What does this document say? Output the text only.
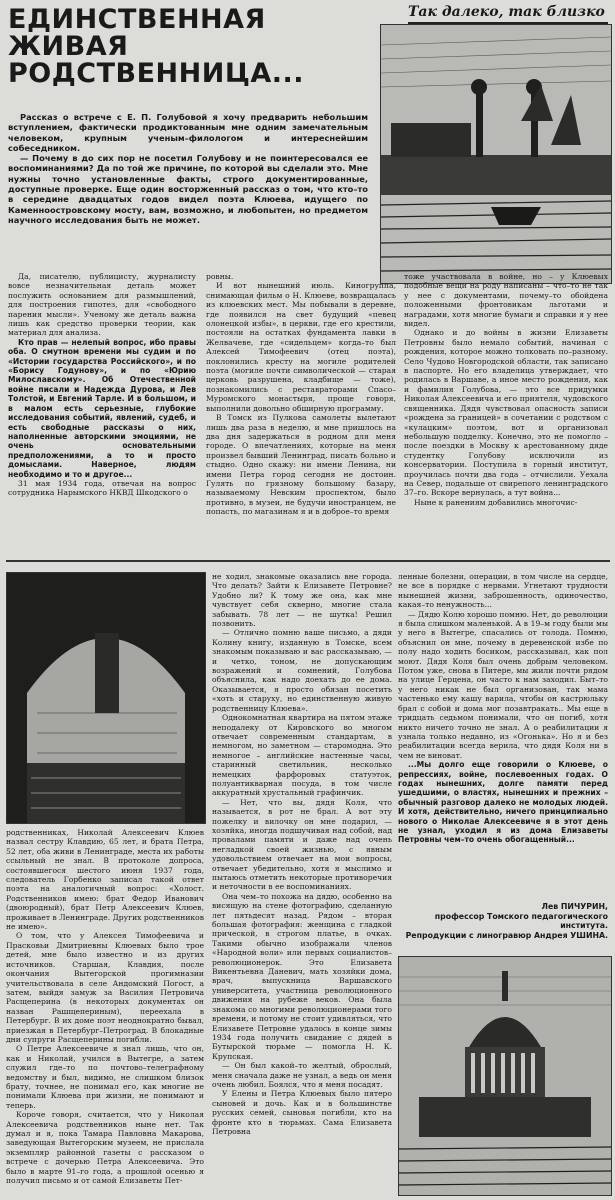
ЕДИНСТВЕННАЯ ЖИВАЯ РОДСТВЕННИЦА...
Так далеко, так близко

Рассказ о встрече с Е. П. Голубовой я хочу предварить небольшим вступлением, фактически продиктованным мне одним замечательным человеком, крупным ученым–филологом и интереснейшим собеседником.

— Почему в до сих пор не посетил Голубову и не поинтересовался ее воспоминаниями? Да по той же причине, по которой вы сделали это. Мне нужны точно установленные факты, строго документированные, доступные проверке. Еще один восторженный рассказ о том, что кто–то в середине двадцатых годов видел поэта Клюева, идущего по Каменноостровскому мосту, вам, возможно, и любопытен, но предметом научного исследования быть не может.

Да, писателю, публицисту, журналисту вовсе незначительная деталь может послужить основанием для размышлений, для построения гипотез, для «свободного парения мысли». Ученому же деталь важна лишь как средство проверки теории, как материал для анализа.

Кто прав — нелепый вопрос, ибо правы оба. О смутном времени мы судим и по «Истории государства Российского», и по «Борису Годунову», и по «Юрию Милославскому». Об Отечественной войне писали и Надежда Дурова, и Лев Толстой, и Евгений Тарле. И в большом, и в малом есть серьезные, глубокие исследования событий, явлений, судеб, и есть свободные рассказы о них, наполненные авторскими эмоциями, не очень основательными предположениями, а то и просто домыслами. Наверное, людям необходимо и то и другое...

31 мая 1934 года, отвечая на вопрос сотрудника Нарымского НКВД Шкодского о

ровны.

И вот нынешний июль. Киногруппа, снимающая фильм о Н. Клюеве, возвращалась из клюевских мест. Мы побывали в деревне, где появился на свет будущий «певец олонецкой избы», в церкви, где его крестили, постояли на остатках фундамента лавки в Желвачеве, где «сидельцем» когда–то был Алексей Тимофеевич (отец поэта), поклонились кресту на могиле родителей поэта (могиле почти символической — старая церковь разрушена, кладбище — тоже), познакомились с реставраторами Спасо–Муромского монастыря, проще говоря, выполнили довольно обширную программу.

В Томск из Пулкова самолеты вылетают лишь два раза в неделю, и мне пришлось на два дня задержаться в родном для меня городе. О впечатлениях, которые на меня произвел бывший Ленинград, писать больно и стыдно. Одно скажу: ни имени Ленина, ни имени Петра город сегодня не достоин. Гулять по грязному большому базару, называемому Невским проспектом, было противно, в музеи, не будучи иностранцем, не попасть, по магазинам я и в доброе–то время

тоже участвовала в войне, но – у Клюевых подобные вещи на роду написаны – что–то не так у нее с документами, почему–то обойдена положенными фронтовикам льготами и наградами, хотя многие бумаги и справки я у нее видел.

Однако и до войны в жизни Елизаветы Петровны было немало событий, начиная с рождения, которое можно толковать по–разному. Село Чудово Новгородской области, так записано в паспорте. Но его владелица утверждает, что родилась в Варшаве, а иное место рождения, как и фамилия Голубова, — это все придумки Николая Алексеевича и его приятеля, чудовского священника. Дядя чувствовал опасность записи «рождена за границей» в сочетании с родством с «кулацким» поэтом, вот и организовал небольшую подделку. Конечно, это не помогло – после поездки в Москву к арестованному дяде студентку Голубову исключили из консерватории. Поступила в горный институт, проучилась почти два года – отчислили. Уехала на Север, подальше от свирепого ленинградского 37–го. Вскоре вернулась, а тут война...

Ныне к ранениям добавились многочис-

не ходил, знакомые оказались вне города. Что делать? Зайти к Елизавете Петровне? Удобно ли? К тому же она, как мне чувствует себя скверно, многие стала забывать. 78 лет — не шутка! Решил позвонить.

— Отлично помню ваше письмо, а дяди Колину книгу, изданную в Томске, всем знакомым показываю и вас рассказываю, — и четко, тоном, не допускающим возражений и сомнений, Голубова объяснила, как надо доехать до ее дома. Оказывается, я просто обязан посетить «хоть и старуху, но единственную живую родственницу Клюева».

Однокомнатная квартира на пятом этаже неподалеку от Кировского во многом отвечает современным стандартам, в немногом, но заметном — старомодна. Это немногое – английские настенные часы, старинный светильник, несколько немецких фарфоровых статуэток, полуантикварная посуда, в том числе аккуратный хрустальный графинчик.

— Нет, что вы, дядя Коля, что называется, в рот не брал. А вот эту пожелку и вилочку он мне подарил, — хозяйка, иногда подшучивая над собой, над провалами памяти и даже над очень негладкой своей жизнью, с явным удовольствием отвечает на мои вопросы, отвечает убедительно, хотя я мыслимо и пытаюсь отметить некоторые противоречия и неточности в ее воспоминаниях.

Она чем–то похожа на дядю, особенно на висящую на стене фотографию, сделанную лет пятьдесят назад. Рядом – вторая большая фотография: женщина с гладкой прической, в строгом платье, в очках. Такими обычно изображали членов «Народной воли» или первых социалистов–революционерок. Это Елизавета Викентьевна Даневич, мать хозяйки дома, врач, выпускница Варшавского университета, участница революционного движения на рубеже веков. Она была знакома со многими революционерами того времени, и потому не стоит удивляться, что Елизавете Петровне удалось в конце зимы 1934 года получить свидание с дядей в Бутырской тюрьме — помогла Н. К. Крупская.

— Он был какой–то желтый, оброслый, меня сначала даже не узнал, а ведь он меня очень любил. Боялся, что я меня посадят.

У Елены и Петра Клюевых было пятеро сыновей и дочь. Как и в большинстве русских семей, сыновья погибли, кто на фронте кто в тюрьмах. Сама Елизавета Петровна

ленные болезни, операции, в том числе на сердце, не все в порядке с нервами. Угнетают трудности нынешней жизни, заброшенность, одиночество, какая–то ненужность...

— Дядю Колю хорошо помню. Нет, до революции я была слишком маленькой. А в 19–м году были мы у него в Вытегре, спасались от голода. Помню, объяснил он мне, почему в деревенской избе по полу надо ходить босиком, рассказывал, как пол моют. Дядя Коля был очень добрым человеком. Потом уже, снова в Питере, мы жили почти рядом на улице Герцена, он часто к нам заходил. Быт–то у него никак не был организован, так мама частенько ему кашу варила, чтобы он кастрюльку брал с собой и дома мог позавтракать.. Мы еще в тридцать седьмом понимали, что он погиб, хотя никто ничего точно не знал. А о реабилитации я узнала только недавно, из «Огонька». Но я и без реабилитации всегда верила, что дядя Коля ни в чем не виноват.

...Мы долго еще говорили о Клюеве, о репрессиях, войне, послевоенных годах. О годах нынешних, долге памяти перед ушедшими, о властях, нынешних и прежних – обычный разговор далеко не молодых людей. И хотя, действительно, ничего принципиально нового о Николае Алексеевиче я в этот день не узнал, уходил я из дома Елизаветы Петровны чем–то очень обогащенный...

Лев ПИЧУРИН,
профессор Томского педагогического института.
Репродукции с линогравюр Андрея УШИНА.

родственниках, Николай Алексеевич Клюев назвал сестру Клавдию, 65 лет, и брата Петра, 52 лет, оба живи в Ленинграде, места их работы ссыльный не знал. В протоколе допроса, состоявшегося шестого июня 1937 года, следователь Горбенко записал такой ответ поэта на аналогичный вопрос: «Холост. Родственников имею: брат Федор Иванович (двоюродный), брат Петр Алексеевич Клюев, проживает в Ленинграде. Других родственников не имею».

О том, что у Алексея Тимофеевича и Прасковьи Дмитриевны Клюевых было трое детей, мне было известно и из других источников. Старшая, Клавдия, после окончания Вытегорской прогимназии учительствовала в селе Андомский Погост, а затем, выйдя замуж за Василия Петровича Расщеперина (в некоторых документах он назван Рашщепериным), переехала в Петербург. В их доме поэт неоднократно бывал, приезжая в Петербург–Петроград. В блокадные дни супруги Расщеперины погибли.

О Петре Алексеевиче я знал лишь, что он, как и Николай, учился в Вытегре, а затем служил где–то по почтово–телеграфному ведомству и был, видимо, не слишком близок брату, точнее, не понимал его, как многие не понимали Клюева при жизни, не понимают и теперь.

Короче говоря, считается, что у Николая Алексеевича родственников ныне нет. Так думал и я, пока Тамара Павловна Макарова, заведующая Вытегорским музеем, не прислала экземпляр районной газеты с рассказом о встрече с дочерью Петра Алексеевича. Это было в марте 91–го года, а прошлой осенью я получил письмо и от самой Елизаветы Пет-
